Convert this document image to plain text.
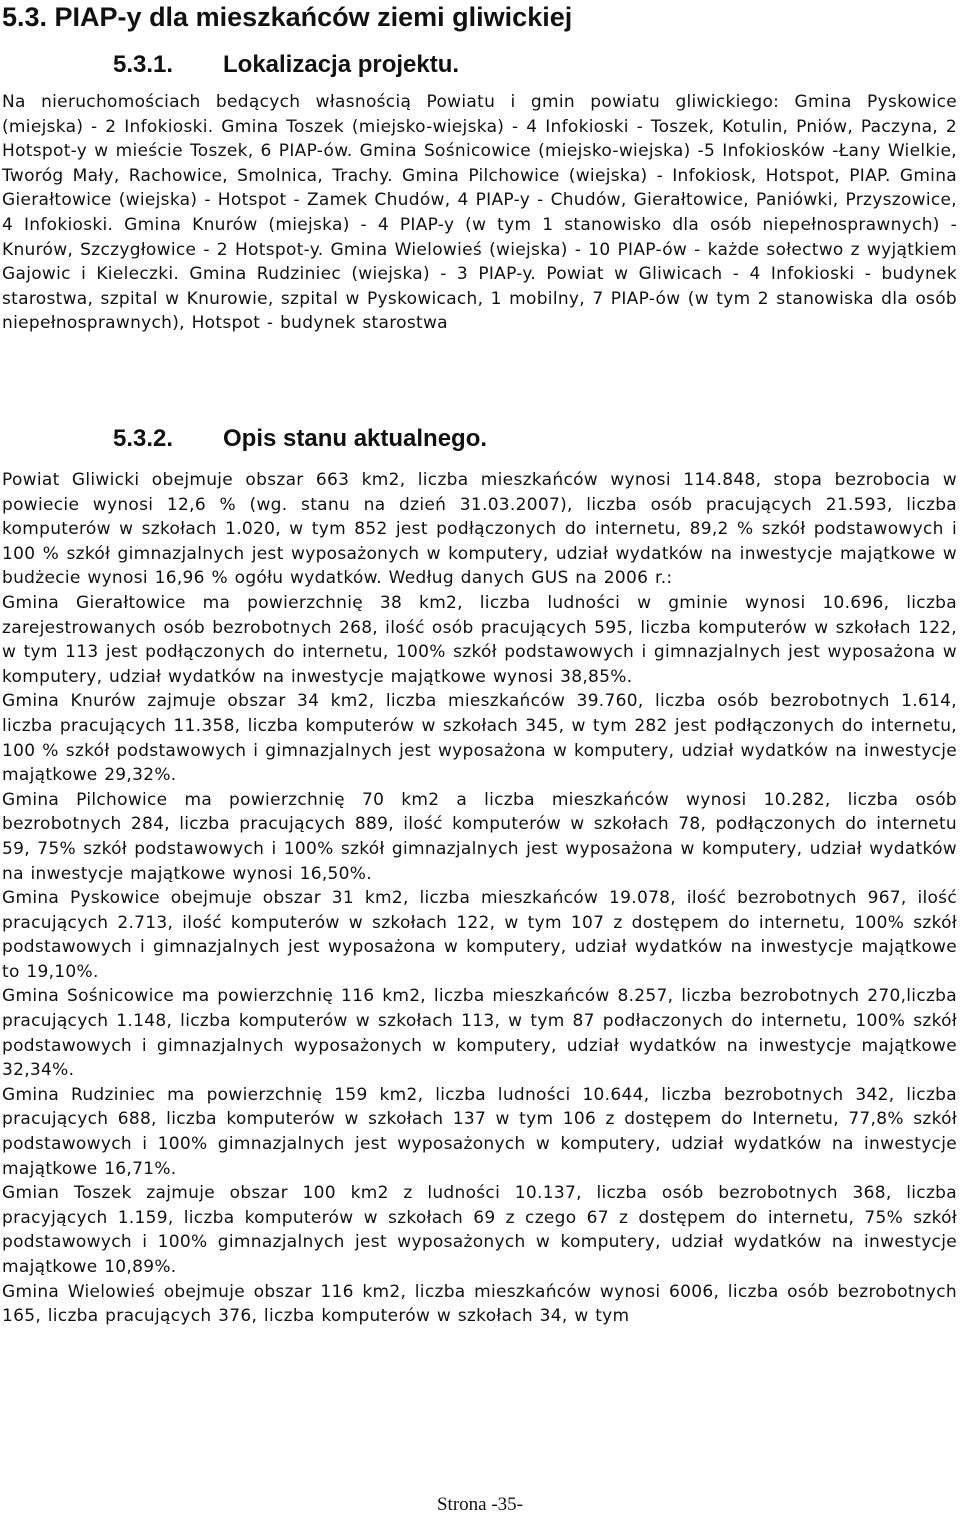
5.3. PIAP-y dla mieszkańców ziemi gliwickiej
5.3.1. Lokalizacja projektu.

Na nieruchomościach bedących własnością Powiatu i gmin powiatu gliwickiego: Gmina Pyskowice (miejska) - 2 Infokioski. Gmina Toszek (miejsko-wiejska) - 4 Infokioski - Toszek, Kotulin, Pniów, Paczyna, 2 Hotspot-y w mieście Toszek, 6 PIAP-ów. Gmina Sośnicowice (miejsko-wiejska) -5 Infokiosków -Łany Wielkie, Tworóg Mały, Rachowice, Smolnica, Trachy. Gmina Pilchowice (wiejska) - Infokiosk, Hotspot, PIAP. Gmina Gierałtowice (wiejska) - Hotspot - Zamek Chudów, 4 PIAP-y - Chudów, Gierałtowice, Paniówki, Przyszowice, 4 Infokioski. Gmina Knurów (miejska) - 4 PIAP-y (w tym 1 stanowisko dla osób niepełnosprawnych) - Knurów, Szczygłowice - 2 Hotspot-y. Gmina Wielowieś (wiejska) - 10 PIAP-ów - każde sołectwo z wyjątkiem Gajowic i Kieleczki. Gmina Rudziniec (wiejska) - 3 PIAP-y. Powiat w Gliwicach - 4 Infokioski - budynek starostwa, szpital w Knurowie, szpital w Pyskowicach, 1 mobilny, 7 PIAP-ów (w tym 2 stanowiska dla osób niepełnosprawnych), Hotspot - budynek starostwa

5.3.2. Opis stanu aktualnego.

Powiat Gliwicki obejmuje obszar 663 km2, liczba mieszkańców wynosi 114.848, stopa bezrobocia w powiecie wynosi 12,6 % (wg. stanu na dzień 31.03.2007), liczba osób pracujących 21.593, liczba komputerów w szkołach 1.020, w tym 852 jest podłączonych do internetu, 89,2 % szkół podstawowych i 100 % szkół gimnazjalnych jest wyposażonych w komputery, udział wydatków na inwestycje majątkowe w budżecie wynosi 16,96 % ogółu wydatków. Według danych GUS na 2006 r.:

Gmina Gierałtowice ma powierzchnię 38 km2, liczba ludności w gminie wynosi 10.696, liczba zarejestrowanych osób bezrobotnych 268, ilość osób pracujących 595, liczba komputerów w szkołach 122, w tym 113 jest podłączonych do internetu, 100% szkół podstawowych i gimnazjalnych jest wyposażona w komputery, udział wydatków na inwestycje majątkowe wynosi 38,85%.

Gmina Knurów zajmuje obszar 34 km2, liczba mieszkańców 39.760, liczba osób bezrobotnych 1.614, liczba pracujących 11.358, liczba komputerów w szkołach 345, w tym 282 jest podłączonych do internetu, 100 % szkół podstawowych i gimnazjalnych jest wyposażona w komputery, udział wydatków na inwestycje majątkowe 29,32%.

Gmina Pilchowice ma powierzchnię 70 km2 a liczba mieszkańców wynosi 10.282, liczba osób bezrobotnych 284, liczba pracujących 889, ilość komputerów w szkołach 78, podłączonych do internetu 59, 75% szkół podstawowych i 100% szkół gimnazjalnych jest wyposażona w komputery, udział wydatków na inwestycje majątkowe wynosi 16,50%.

Gmina Pyskowice obejmuje obszar 31 km2, liczba mieszkańców 19.078, ilość bezrobotnych 967, ilość pracujących 2.713, ilość komputerów w szkołach 122, w tym 107 z dostępem do internetu, 100% szkół podstawowych i gimnazjalnych jest wyposażona w komputery, udział wydatków na inwestycje majątkowe to 19,10%.

Gmina Sośnicowice ma powierzchnię 116 km2, liczba mieszkańców 8.257, liczba bezrobotnych 270,liczba pracujących 1.148, liczba komputerów w szkołach 113, w tym 87 podłaczonych do internetu, 100% szkół podstawowych i gimnazjalnych wyposażonych w komputery, udział wydatków na inwestycje majątkowe 32,34%.

Gmina Rudziniec ma powierzchnię 159 km2, liczba ludności 10.644, liczba bezrobotnych 342, liczba pracujących 688, liczba komputerów w szkołach 137 w tym 106 z dostępem do Internetu, 77,8% szkół podstawowych i 100% gimnazjalnych jest wyposażonych w komputery, udział wydatków na inwestycje majątkowe 16,71%.

Gmian Toszek zajmuje obszar 100 km2 z ludności 10.137, liczba osób bezrobotnych 368, liczba pracyjących 1.159, liczba komputerów w szkołach 69 z czego 67 z dostępem do internetu, 75% szkół podstawowych i 100% gimnazjalnych jest wyposażonych w komputery, udział wydatków na inwestycje majątkowe 10,89%.

Gmina Wielowieś obejmuje obszar 116 km2, liczba mieszkańców wynosi 6006, liczba osób bezrobotnych 165, liczba pracujących 376, liczba komputerów w szkołach 34, w tym

Strona -35-
